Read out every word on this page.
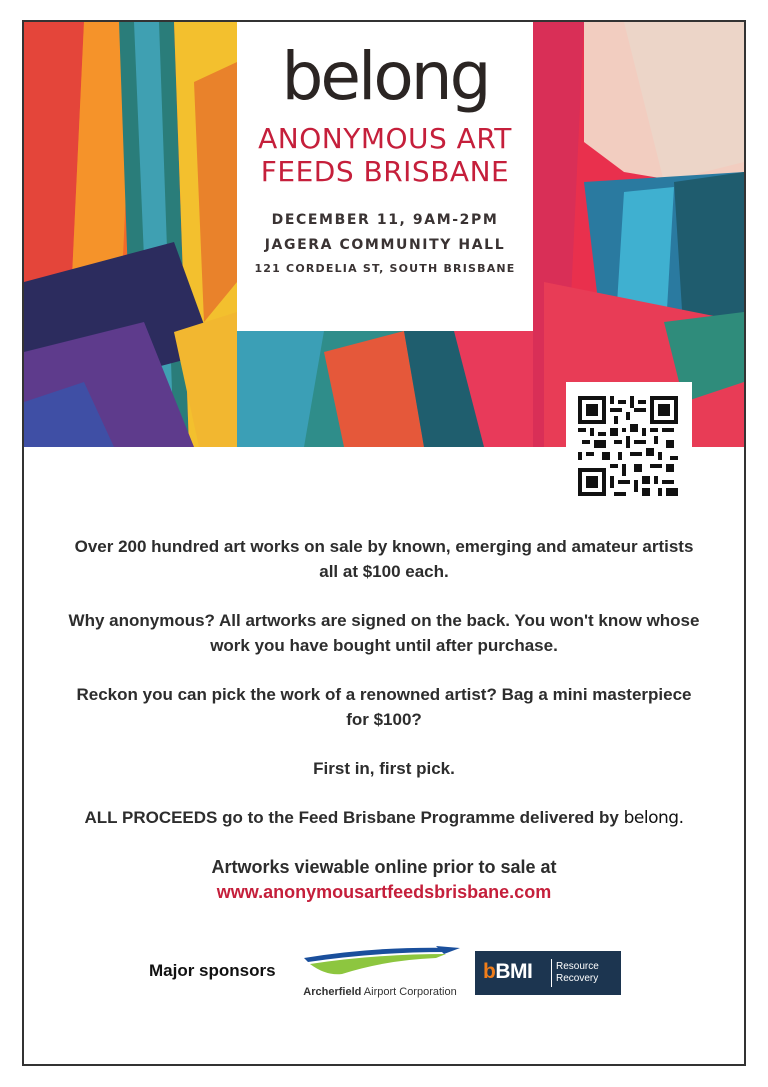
belong
ANONYMOUS ART
FEEDS BRISBANE
DECEMBER 11, 9AM-2PM
JAGERA COMMUNITY HALL
121 CORDELIA ST, SOUTH BRISBANE

Over 200 hundred art works on sale by known, emerging and amateur artists all at $100 each.

Why anonymous? All artworks are signed on the back. You won't know whose work you have bought until after purchase.

Reckon you can pick the work of a renowned artist? Bag a mini masterpiece for $100?

First in, first pick.

ALL PROCEEDS go to the Feed Brisbane Programme delivered by belong.

Artworks viewable online prior to sale at
www.anonymousartfeedsbrisbane.com
Major sponsors
Archerfield Airport Corporation
bBMI Resource
Recovery
